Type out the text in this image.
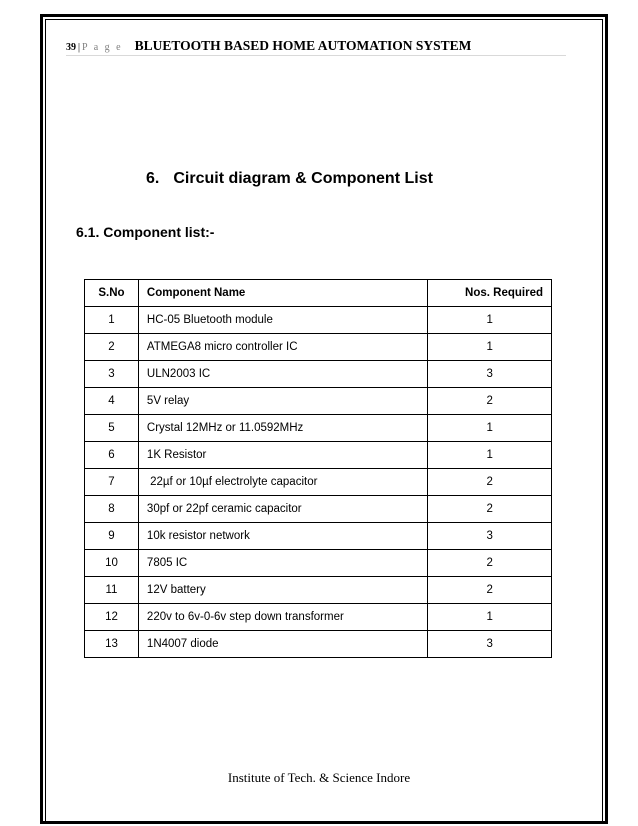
39 | P a g e BLUETOOTH BASED HOME AUTOMATION SYSTEM
6. Circuit diagram & Component List
6.1. Component list:-
S.No	Component Name	Nos. Required
1	HC-05 Bluetooth module	1
2	ATMEGA8 micro controller IC	1
3	ULN2003 IC	3
4	5V relay	2
5	Crystal 12MHz or 11.0592MHz	1
6	1K Resistor	1
7	22µf or 10µf electrolyte capacitor	2
8	30pf or 22pf ceramic capacitor	2
9	10k resistor network	3
10	7805 IC	2
11	12V battery	2
12	220v to 6v-0-6v step down transformer	1
13	1N4007 diode	3
Institute of Tech. & Science Indore
